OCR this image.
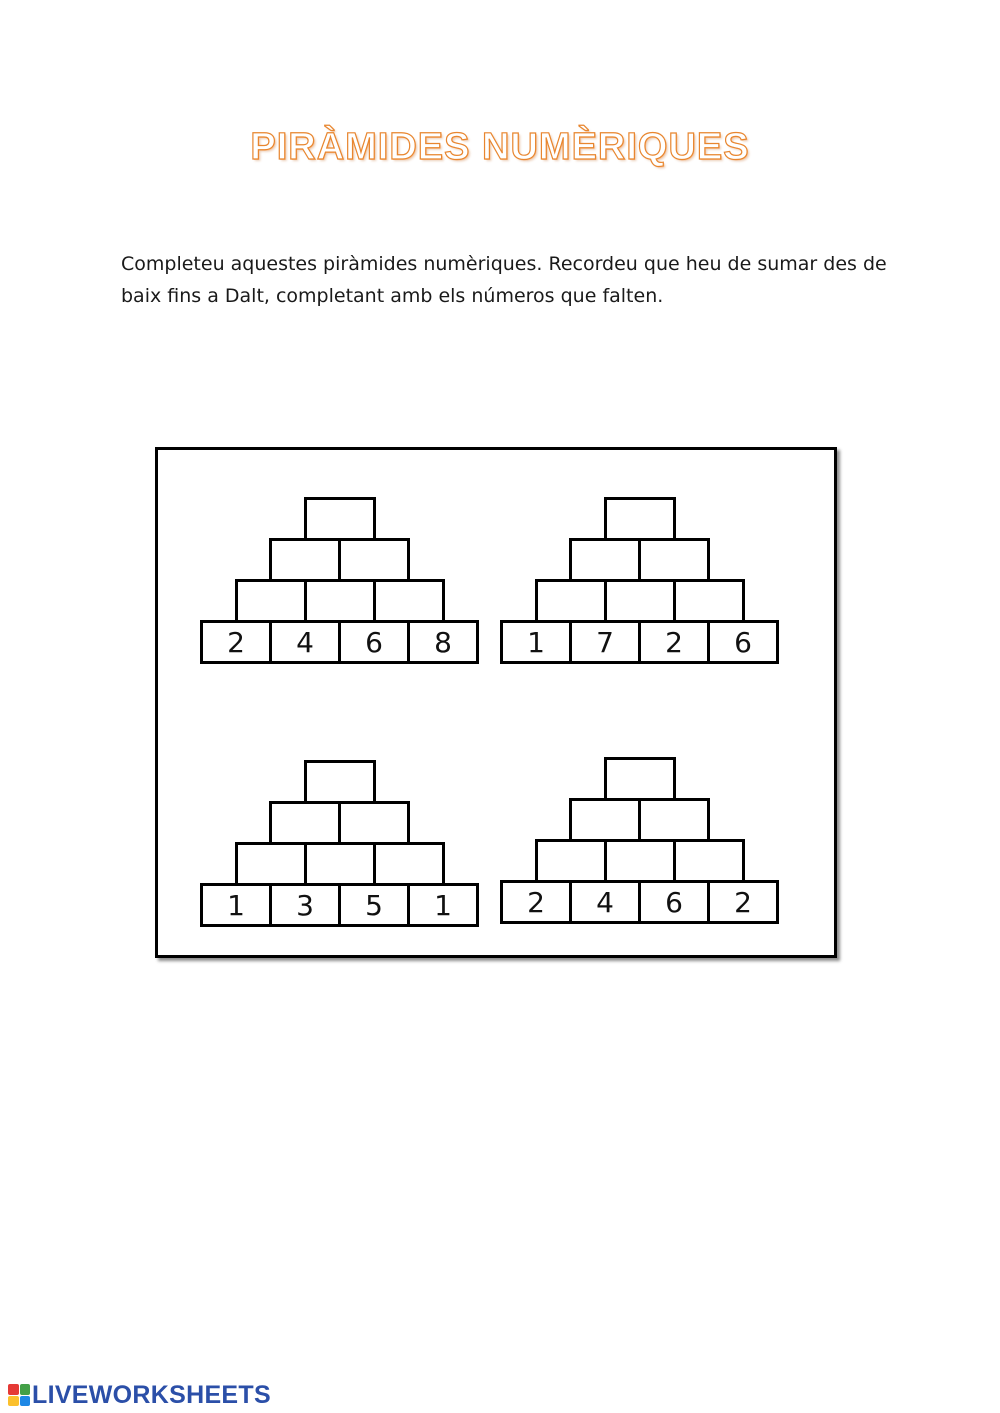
PIRÀMIDES NUMÈRIQUES
Completeu aquestes piràmides numèriques. Recordeu que heu de sumar des de
baix fins a Dalt, completant amb els números que falten.
2	4	6	8	1	7	2	6
1	3	5	1	2	4	6	2
LIVEWORKSHEETS
